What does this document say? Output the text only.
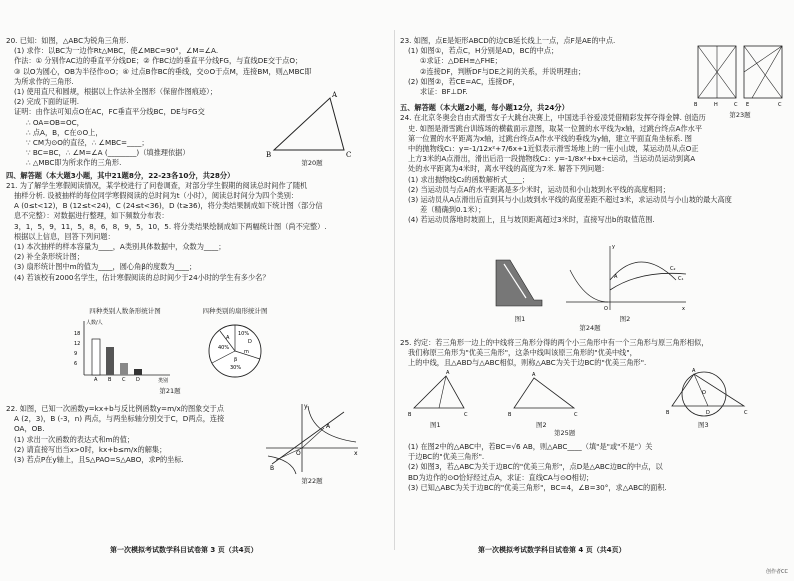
20. 已知：如图，△ABC为锐角三角形.
(1) 求作：以BC为一边作Rt△MBC，使∠MBC=90°，∠M=∠A.
作法：① 分别作AC边的垂直平分线DE；② 作BC边的垂直平分线FG，与直线DE交于点O；
③ 以O为圆心，OB为半径作⊙O；④ 过点B作BC的垂线，交⊙O于点M，连接BM，则△MBC即为所求作的三角形.
(1) 使用直尺和圆规，根据以上作法补全图形（保留作图痕迹）；
(2) 完成下面的证明.
证明：由作法可知点O在AC，FC垂直平分线BC，DE与FG交
∴ OA=OB=OC，
∴ 点A，B，C在⊙O上，
∵ CM为⊙O的直径，∴ ∠MBC=____；
∵ BC=BC，∴ ∠M=∠A (________)（填推理依据）
∴ △MBC即为所求作的三角形.
四、解答题（本大题3小题，其中21题8分，22-23各10分，共28分）
21. 为了解学生寒假阅读情况，某学校进行了问卷调查，对部分学生假期的阅读总时间作了随机
抽样分析. 设被抽样的每位同学寒假阅读的总时间为t（小时），阅读总时间分为四个类别：
A (0≤t<12)，B (12≤t<24)，C (24≤t<36)，D (t≥36)，将分类结果制成如下统计图（部分信
息不完整）：对数据进行整理，如下频数分布表：
3，1，5，9，11，5，8，6，8，9，5，10，5. 将分类结果绘制成如下两幅统计图（尚不完整）.
根据以上信息，回答下列问题：
(1) 本次抽样的样本容量为____，A类别具体数据中，众数为____；
(2) 补全条形统计图；
(3) 扇形统计图中m的值为____，圆心角β的度数为____；
(4) 若该校有2000名学生，估计寒假阅读的总时间少于24小时的学生有多少名？
22. 如图，已知一次函数y=kx+b与反比例函数y=m/x的图象交于点
A (2，3)，B (-3，n) 两点，与两坐标轴分别交于C，D两点，连接
OA，OB.
(1) 求出一次函数的表达式和m的值；
(2) 请直接写出当x>0时，kx+b≤m/x的解集；
(3) 若点P在y轴上，且S△PAO=S△ABO，求P的坐标.
A
B	C
第20题
四种类别人数条形统计图
人数/人
类别
18
12
9
6
A B C D
四种类别的扇形统计图
10%
40%
m
30%
A
D
β
第21题
A
B
O	x
y
第22题
第一次模拟考试数学科目试卷第 3 页（共4页）
23. 如图，点E是矩形ABCD的边CB延长线上一点，点F是AE的中点.
(1) 如图①，若点C，H分别是AD，BC的中点；
①求证：△DEH≌△FHE；
②连接DF，判断DF与DE之间的关系，并说明理由；
(2) 如图②，若CE=AC，连接DF，
求证：BF⊥DF.
五、解答题（本大题2小题，每小题12分，共24分）
24. 在北京冬奥会自由式滑雪女子大跳台决赛上，中国选手谷爱凌凭借精彩发挥夺得金牌. 创造历
史. 如图是滑雪跳台训练场的横截面示意图，取某一位置的水平线为x轴，过跳台终点A作水平
第一位置的水平距离为x轴，过跳台终点A作水平线的垂线为y轴，建立平面直角坐标系. 图
中的抛物线C₁：y=-1/12x²+7/6x+1近似表示滑雪场地上的一座小山坡，某运动员从点O正
上方3米的A点滑出，滑出后沿一段抛物线C₂：y=-1/8x²+bx+c运动，当运动员运动到离A
处的水平距离为4米时，离水平线的高度为7米. 解答下列问题：
(1) 求出抛物线C₂的函数解析式____；
(2) 当运动员与点A的水平距离是多少米时，运动员和小山坡到水平线的高度相同；
(3) 运动员从A点滑出后直到其与小山坡到水平线的高度差距不超过3米，求运动员与小山坡的最大高度
差（精确到0.1米）；
(4) 若运动员落地时坡面上，且与坡顶距离超过3米时，直接写出b的取值范围.
25. 约定：若三角形一边上的中线将三角形分得的两个小三角形中有一个三角形与原三角形相似，
我们称原三角形为"优美三角形"，这条中线叫该原三角形的"优美中线"，
上的中线，且△ABD与△ABC相似，则称△ABC为关于边BC的"优美三角形".
(1) 在图2中的△ABC中，若BC=√6 AB，则△ABC____（填"是"或"不是"）关
于边BC的"优美三角形".
(2) 如图3，若△ABC为关于边BC的"优美三角形"，点D是△ABC边BC的中点，以
BD为边作的⊙O恰好经过点A，求证：直线CA与⊙O相切；
(3) 已知△ABC为关于边BC的"优美三角形"，BC=4，∠B=30°，求△ABC的面积.
B	H	C E	C
第23题
A
C₂
C₁
O	x
y
图1	图2
第24题
B	C
A
B	C
A
B	C
A
D
O
图1	图2	图3
第25题
第一次模拟考试数学科目试卷第 4 页（共4页）
创作者CC
